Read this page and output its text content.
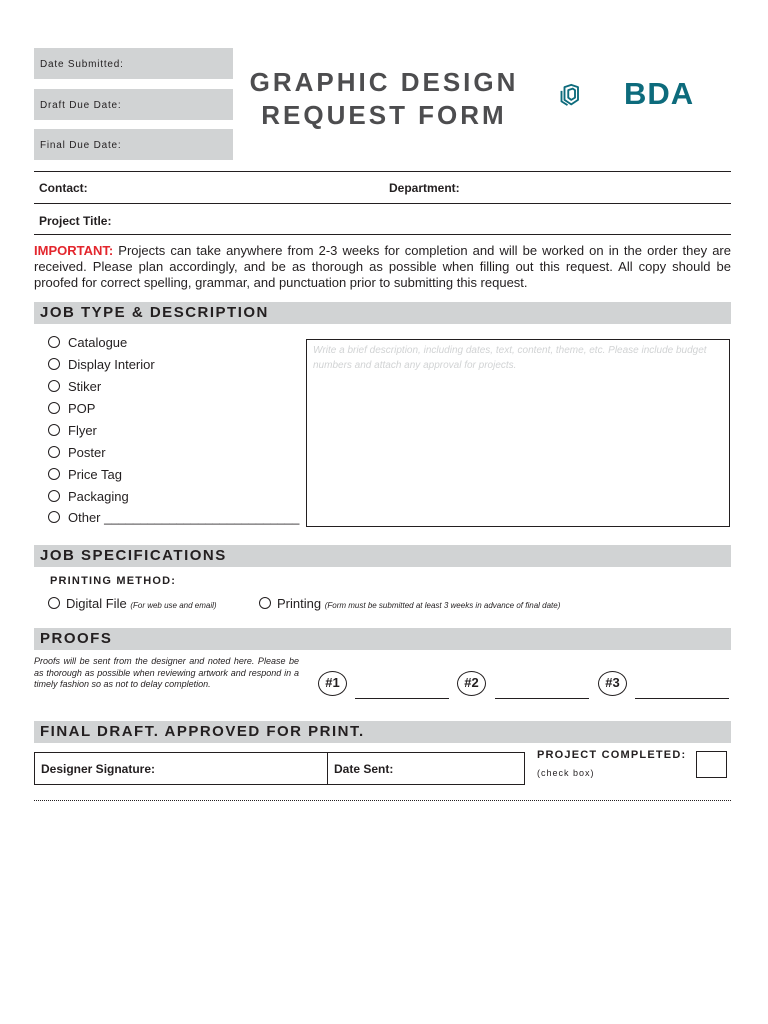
Date Submitted:
Draft Due Date:
Final Due Date:
GRAPHIC DESIGN
REQUEST FORM
BDA
Contact:	Department:
Project Title:
IMPORTANT: Projects can take anywhere from 2-3 weeks for completion and will be worked on in the order they are received. Please plan accordingly, and be as thorough as possible when filling out this request. All copy should be proofed for correct spelling, grammar, and punctuation prior to submitting this request.
JOB TYPE & DESCRIPTION
Catalogue
Display Interior
Stiker
POP
Flyer
Poster
Price Tag
Packaging
Other ___________________________
Write a brief description, including dates, text, content, theme, etc. Please include budget numbers and attach any approval for projects.
JOB SPECIFICATIONS
PRINTING METHOD:
Digital File (For web use and email)	Printing (Form must be submitted at least 3 weeks in advance of final date)
PROOFS
Proofs will be sent from the designer and noted here. Please be as thorough as possible when reviewing artwork and respond in a timely fashion so as not to delay completion.	#1	#2	#3
FINAL DRAFT. APPROVED FOR PRINT.
Designer Signature:	Date Sent:
PROJECT COMPLETED:
(check box)
